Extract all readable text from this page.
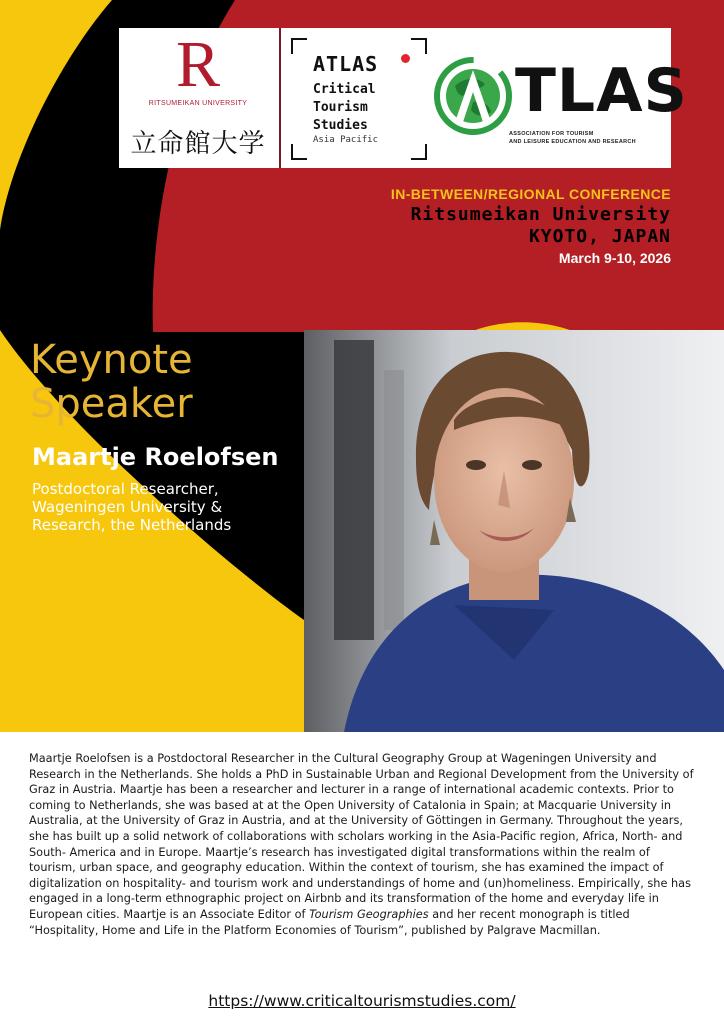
R
RITSUMEIKAN UNIVERSITY
立命館大学
ATLAS
Critical
Tourism
Studies
Asia Pacific
TLAS
ASSOCIATION FOR TOURISM
AND LEISURE EDUCATION AND RESEARCH
IN-BETWEEN/REGIONAL CONFERENCE
Ritsumeikan University
KYOTO, JAPAN
March 9-10, 2026
Keynote
Speaker
Maartje Roelofsen
Postdoctoral Researcher,
Wageningen University &
Research, the Netherlands
Maartje Roelofsen is a Postdoctoral Researcher in the Cultural Geography Group at Wageningen University and Research in the Netherlands. She holds a PhD in Sustainable Urban and Regional Development from the University of Graz in Austria. Maartje has been a researcher and lecturer in a range of international academic contexts. Prior to coming to Netherlands, she was based at at the Open University of Catalonia in Spain; at Macquarie University in Australia, at the University of Graz in Austria, and at the University of Göttingen in Germany. Throughout the years, she has built up a solid network of collaborations with scholars working in the Asia-Pacific region, Africa, North- and South- America and in Europe. Maartje’s research has investigated digital transformations within the realm of tourism, urban space, and geography education. Within the context of tourism, she has examined the impact of digitalization on hospitality- and tourism work and understandings of home and (un)homeliness. Empirically, she has engaged in a long-term ethnographic project on Airbnb and its transformation of the home and everyday life in European cities. Maartje is an Associate Editor of Tourism Geographies and her recent monograph is titled “Hospitality, Home and Life in the Platform Economies of Tourism”, published by Palgrave Macmillan.
https://www.criticaltourismstudies.com/
